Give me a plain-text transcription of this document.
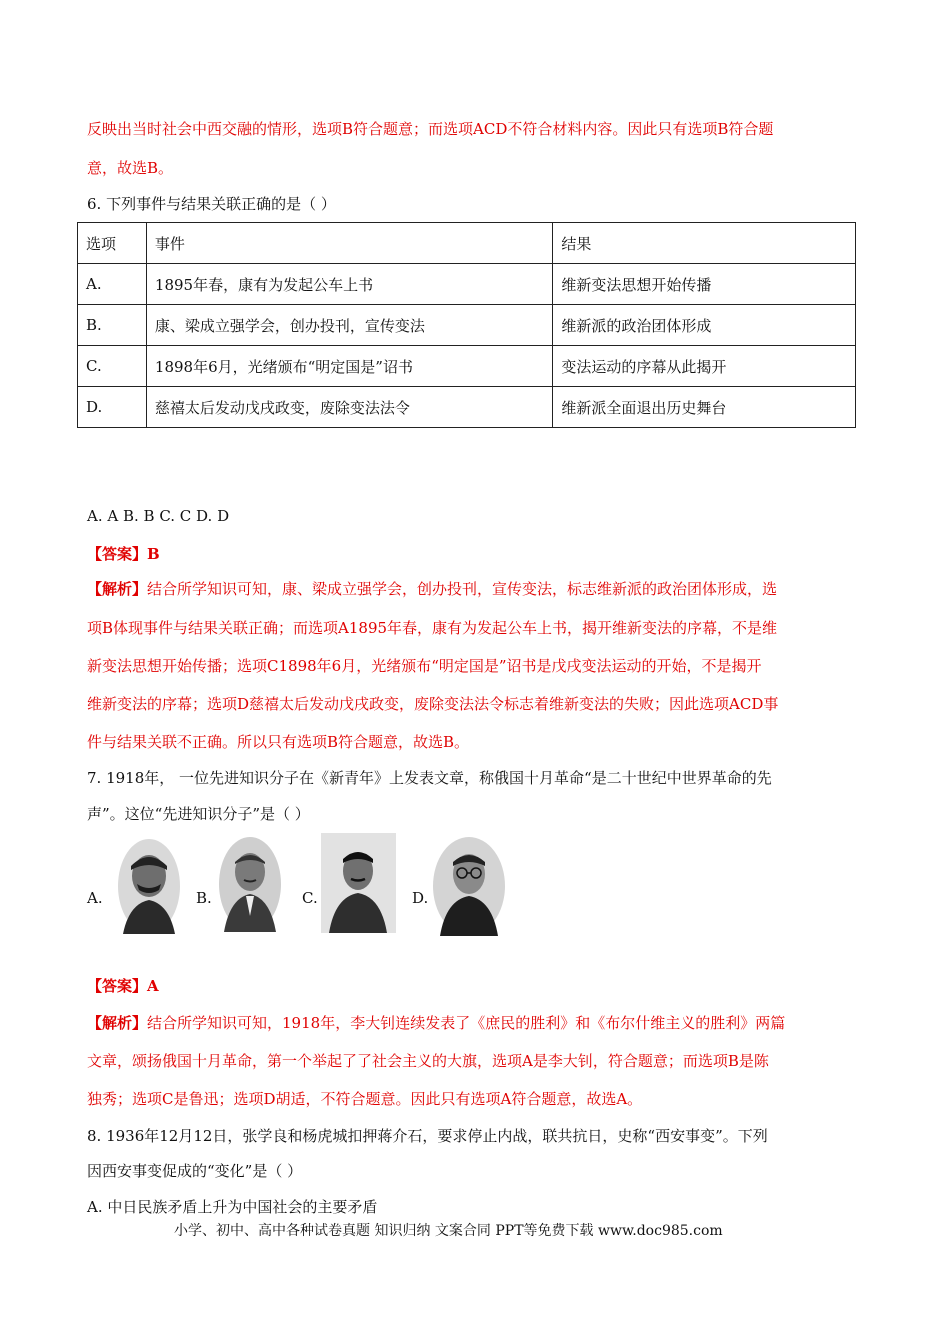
反映出当时社会中西交融的情形，选项B符合题意；而选项ACD不符合材料内容。因此只有选项B符合题
意，故选B。
6. 下列事件与结果关联正确的是（ ）
选项	事件	结果
A.	1895年春，康有为发起公车上书	维新变法思想开始传播
B.	康、梁成立强学会，创办投刊，宣传变法	维新派的政治团体形成
C.	1898年6月，光绪颁布“明定国是”诏书	变法运动的序幕从此揭开
D.	慈禧太后发动戊戌政变，废除变法法令	维新派全面退出历史舞台
A. A B. B C. C D. D
【答案】B
【解析】结合所学知识可知，康、梁成立强学会，创办投刊，宣传变法，标志维新派的政治团体形成，选
项B体现事件与结果关联正确；而选项A1895年春，康有为发起公车上书，揭开维新变法的序幕，不是维
新变法思想开始传播；选项C1898年6月，光绪颁布“明定国是”诏书是戊戌变法运动的开始，不是揭开
维新变法的序幕；选项D慈禧太后发动戊戌政变，废除变法法令标志着维新变法的失败；因此选项ACD事
件与结果关联不正确。所以只有选项B符合题意，故选B。
7. 1918年， 一位先进知识分子在《新青年》上发表文章，称俄国十月革命“是二十世纪中世界革命的先
声”。这位“先进知识分子”是（ ）
A.	B.	C.	D.
【答案】A
【解析】结合所学知识可知，1918年，李大钊连续发表了《庶民的胜利》和《布尔什维主义的胜利》两篇
文章，颂扬俄国十月革命，第一个举起了了社会主义的大旗，选项A是李大钊，符合题意；而选项B是陈
独秀；选项C是鲁迅；选项D胡适，不符合题意。因此只有选项A符合题意，故选A。
8. 1936年12月12日，张学良和杨虎城扣押蒋介石，要求停止内战，联共抗日，史称“西安事变”。下列
因西安事变促成的“变化”是（ ）
A. 中日民族矛盾上升为中国社会的主要矛盾
小学、初中、高中各种试卷真题 知识归纳 文案合同 PPT等免费下载 www.doc985.com
